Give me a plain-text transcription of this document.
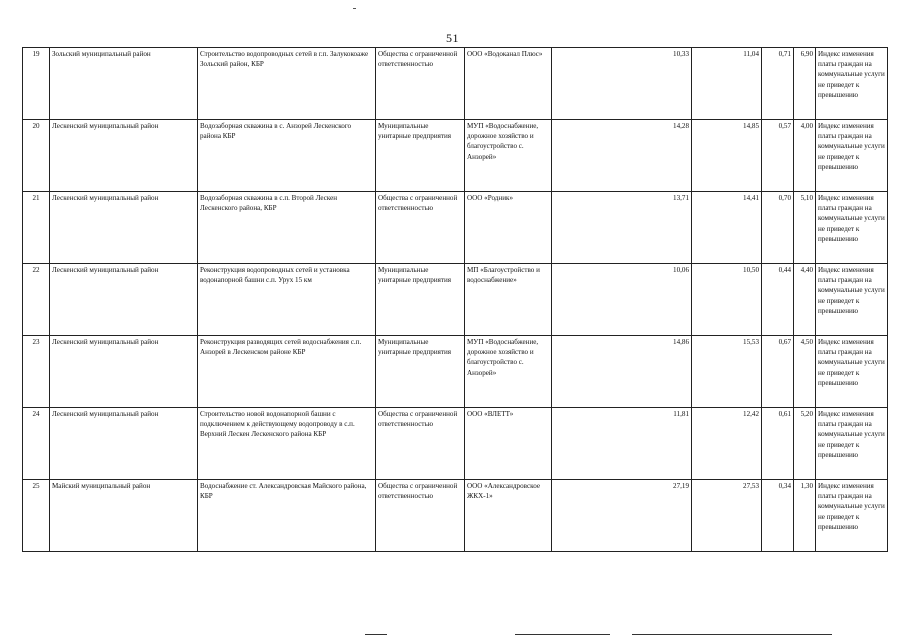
51
19	Зольский муниципальный район	Строительство водопроводных сетей в г.п. Залукокоаже Зольский район, КБР	Общества с ограниченной ответственностью	ООО «Водоканал Плюс»	10,33	11,04	0,71	6,90	Индекс изменения платы граждан на коммунальные услуги не приведет к превышению
20	Лескенский муниципальный район	Водозаборная скважина в с. Анзорей Лескенского района КБР	Муниципальные унитарные предприятия	МУП «Водоснабжение, дорожное хозяйство и благоустройство с. Анзорей»	14,28	14,85	0,57	4,00	Индекс изменения платы граждан на коммунальные услуги не приведет к превышению
21	Лескенский муниципальный район	Водозаборная скважина в с.п. Второй Лескен Лескенского района, КБР	Общества с ограниченной ответственностью	ООО «Родник»	13,71	14,41	0,70	5,10	Индекс изменения платы граждан на коммунальные услуги не приведет к превышению
22	Лескенский муниципальный район	Реконструкция водопроводных сетей и установка водонапорной башни с.п. Урух 15 км	Муниципальные унитарные предприятия	МП «Благоустройство и водоснабжение»	10,06	10,50	0,44	4,40	Индекс изменения платы граждан на коммунальные услуги не приведет к превышению
23	Лескенский муниципальный район	Реконструкция разводящих сетей водоснабжения с.п. Анзорей в Лескенском районе КБР	Муниципальные унитарные предприятия	МУП «Водоснабжение, дорожное хозяйство и благоустройство с. Анзорей»	14,86	15,53	0,67	4,50	Индекс изменения платы граждан на коммунальные услуги не приведет к превышению
24	Лескенский муниципальный район	Строительство новой водонапорной башни с подключением к действующему водопроводу в с.п. Верхний Лескен Лескенского района КБР	Общества с ограниченной ответственностью	ООО «ВЛЕТТ»	11,81	12,42	0,61	5,20	Индекс изменения платы граждан на коммунальные услуги не приведет к превышению
25	Майский муниципальный район	Водоснабжение ст. Александровская Майского района, КБР	Общества с ограниченной ответственностью	ООО «Александровское ЖКХ-1»	27,19	27,53	0,34	1,30	Индекс изменения платы граждан на коммунальные услуги не приведет к превышению
